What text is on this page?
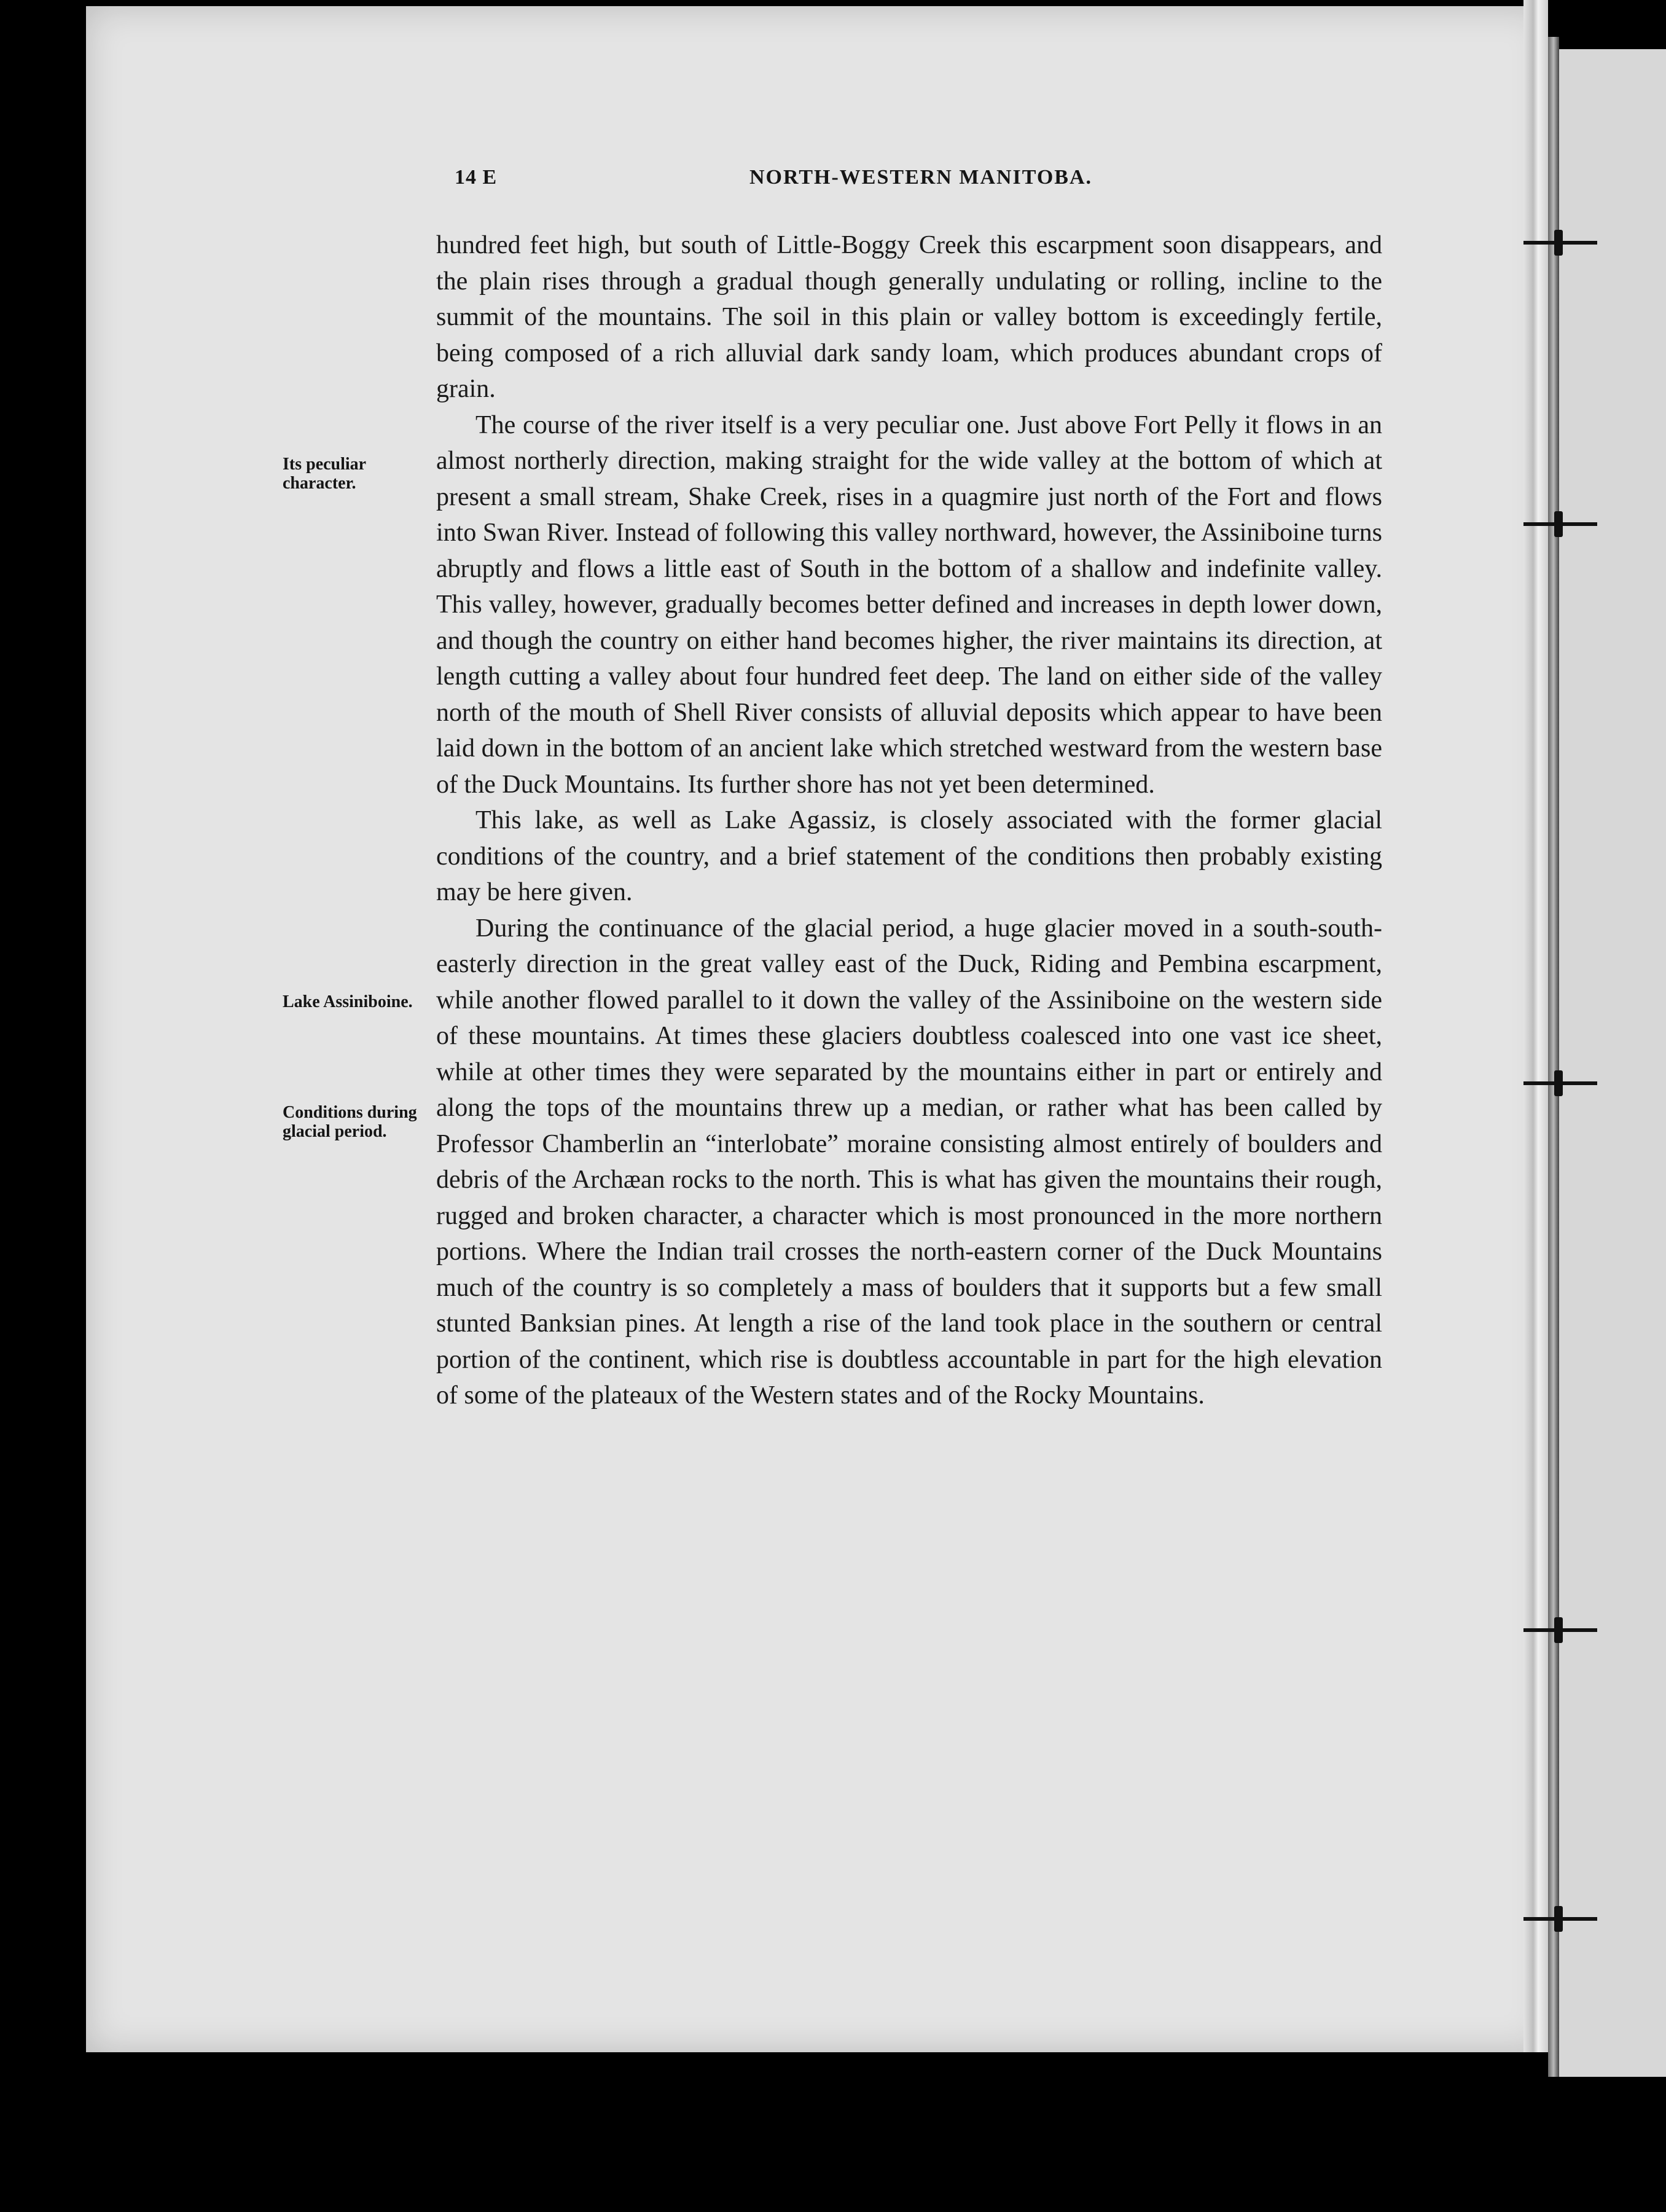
14 E	NORTH-WESTERN MANITOBA.
Its peculiar character.
Lake Assiniboine.
Conditions during glacial period.

hundred feet high, but south of Little-Boggy Creek this escarpment soon disappears, and the plain rises through a gradual though generally undulating or rolling, incline to the summit of the mountains. The soil in this plain or valley bottom is exceedingly fertile, being composed of a rich alluvial dark sandy loam, which produces abundant crops of grain.

The course of the river itself is a very peculiar one. Just above Fort Pelly it flows in an almost northerly direction, making straight for the wide valley at the bottom of which at present a small stream, Shake Creek, rises in a quagmire just north of the Fort and flows into Swan River. Instead of following this valley northward, however, the Assiniboine turns abruptly and flows a little east of South in the bottom of a shallow and indefinite valley. This valley, however, gradually becomes better defined and increases in depth lower down, and though the country on either hand becomes higher, the river maintains its direction, at length cutting a valley about four hundred feet deep. The land on either side of the valley north of the mouth of Shell River consists of alluvial deposits which appear to have been laid down in the bottom of an ancient lake which stretched westward from the western base of the Duck Mountains. Its further shore has not yet been determined.

This lake, as well as Lake Agassiz, is closely associated with the former glacial conditions of the country, and a brief statement of the conditions then probably existing may be here given.

During the continuance of the glacial period, a huge glacier moved in a south-south-easterly direction in the great valley east of the Duck, Riding and Pembina escarpment, while another flowed parallel to it down the valley of the Assiniboine on the western side of these mountains. At times these glaciers doubtless coalesced into one vast ice sheet, while at other times they were separated by the mountains either in part or entirely and along the tops of the mountains threw up a median, or rather what has been called by Professor Chamberlin an “interlobate” moraine consisting almost entirely of boulders and debris of the Archæan rocks to the north. This is what has given the mountains their rough, rugged and broken character, a character which is most pronounced in the more northern portions. Where the Indian trail crosses the north-eastern corner of the Duck Mountains much of the country is so completely a mass of boulders that it supports but a few small stunted Banksian pines. At length a rise of the land took place in the southern or central portion of the continent, which rise is doubtless accountable in part for the high elevation of some of the plateaux of the Western states and of the Rocky Mountains.
